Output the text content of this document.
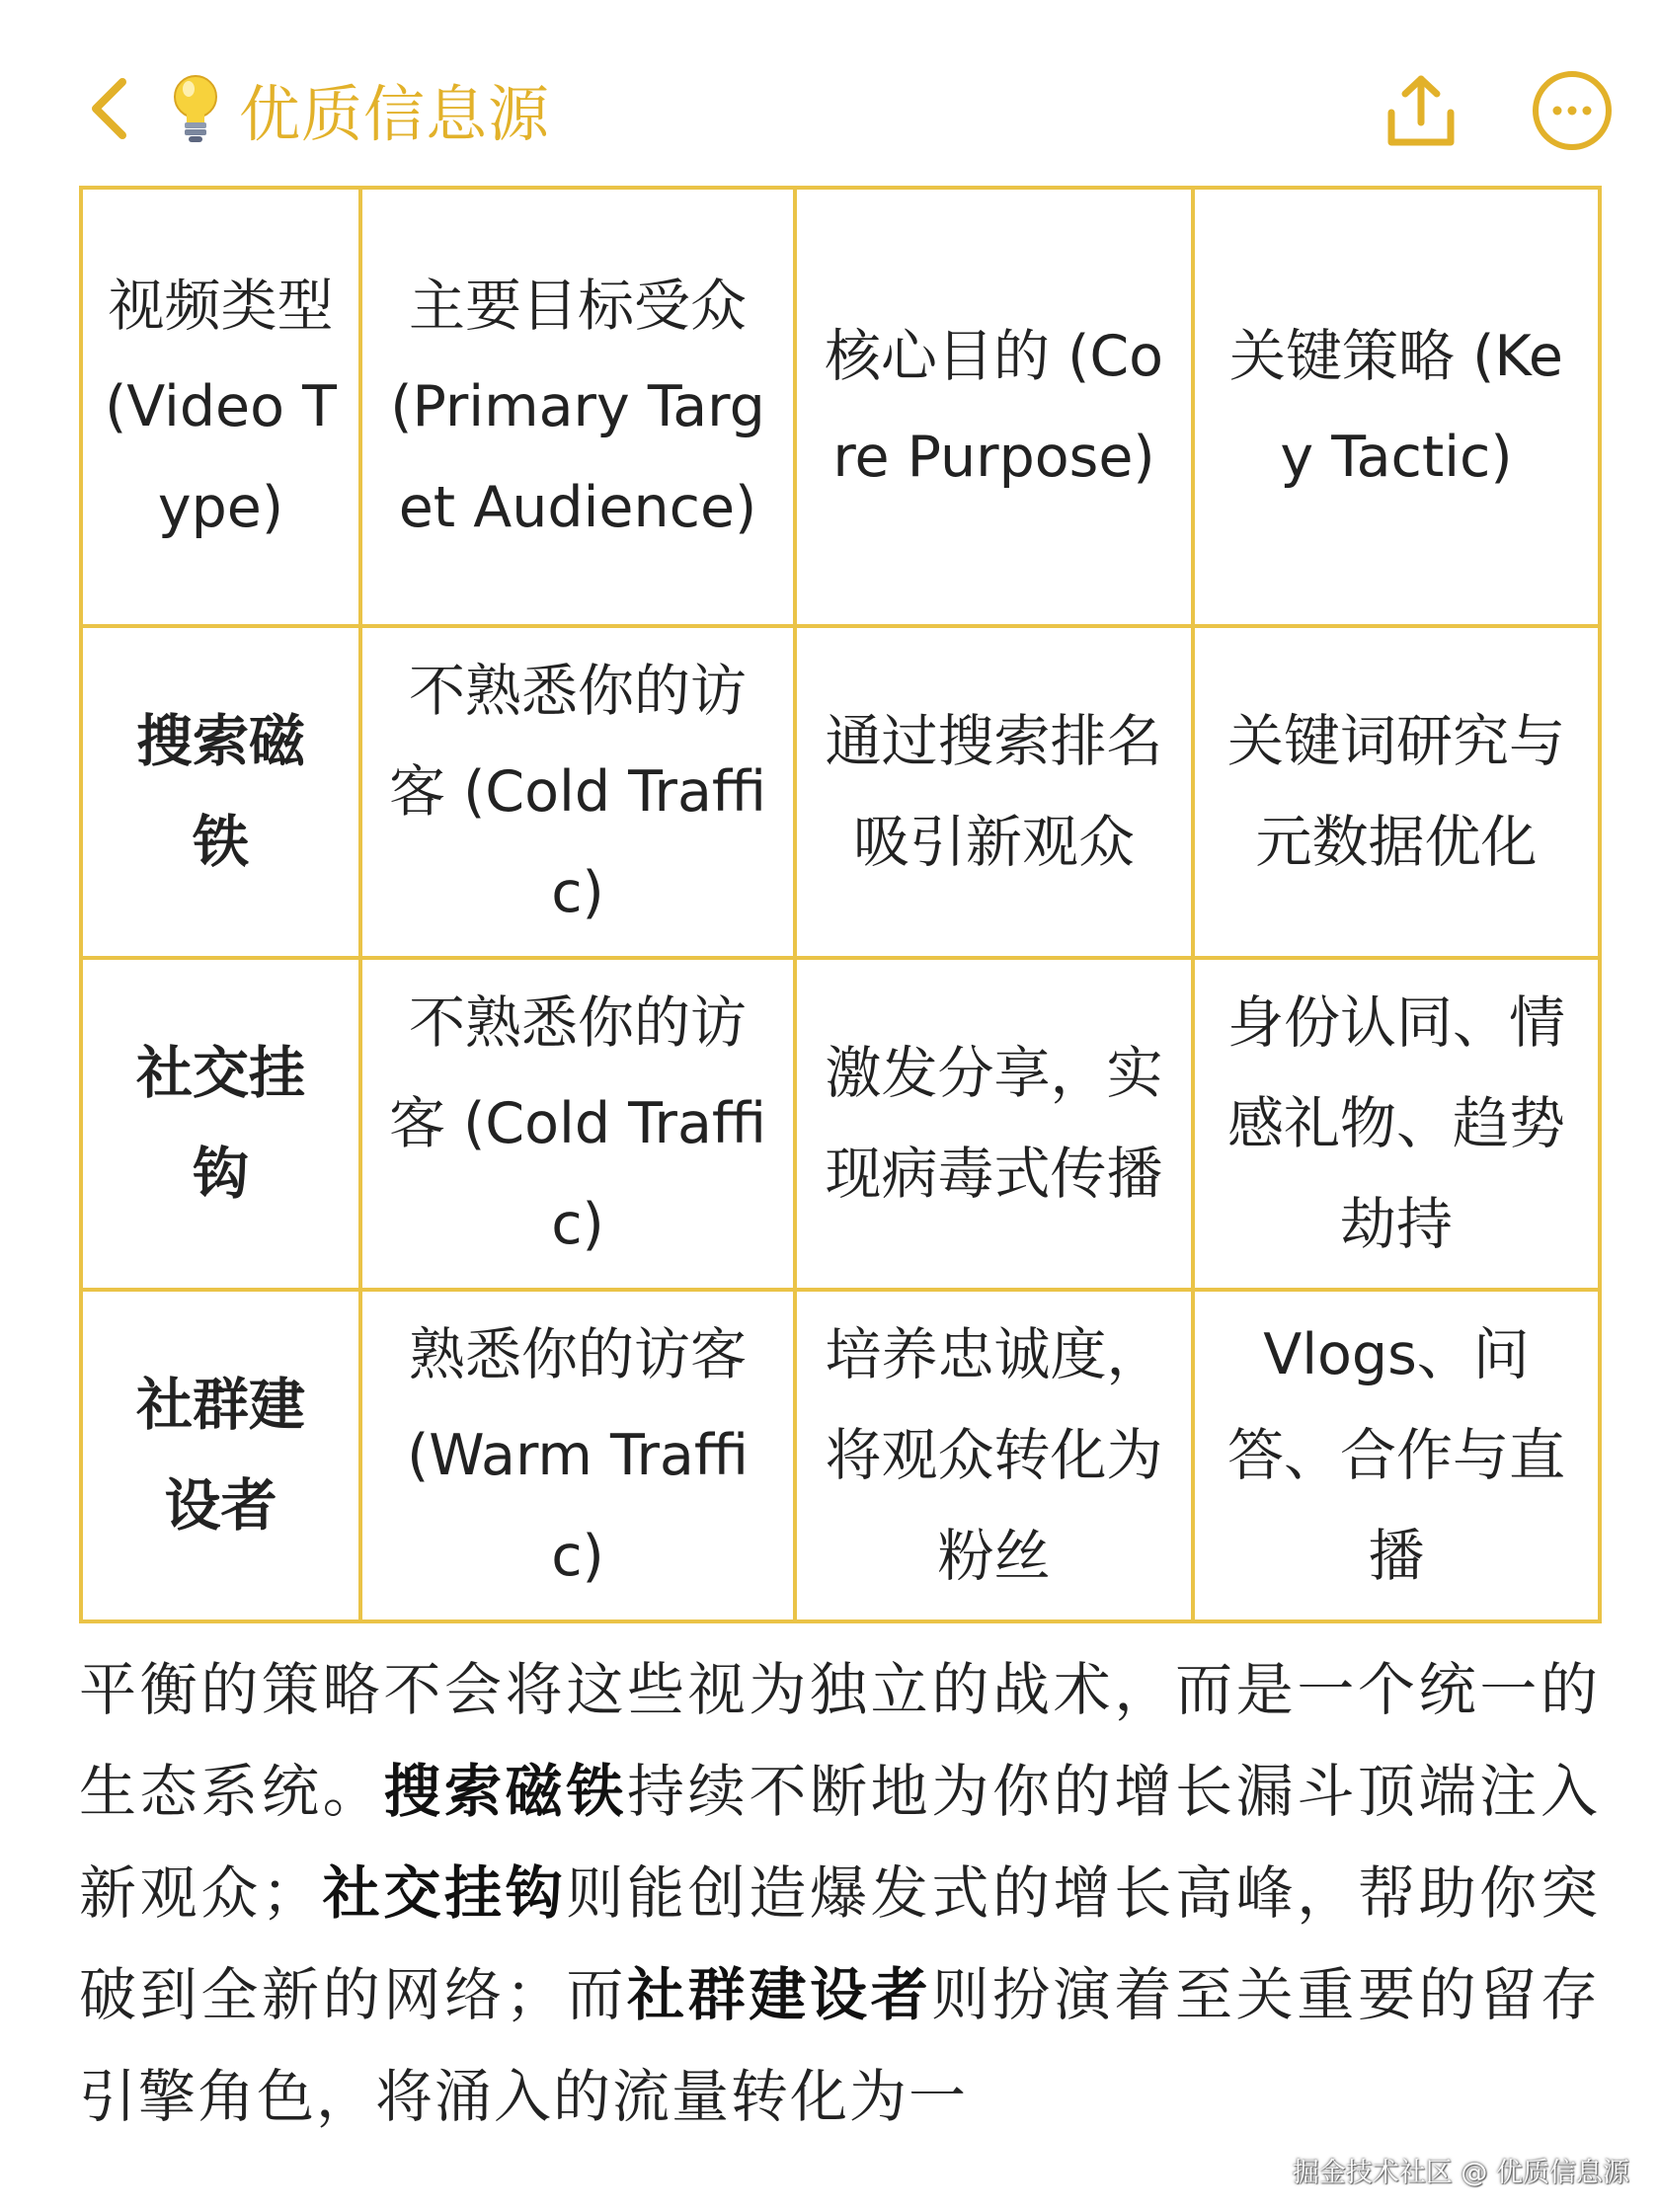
优质信息源
视频类型 (Video Type)	主要目标受众 (Primary Target Audience)	核心目的 (Core Purpose)	关键策略 (Key Tactic)
搜索磁铁	不熟悉你的访客 (Cold Traffic)	通过搜索排名吸引新观众	关键词研究与元数据优化
社交挂钩	不熟悉你的访客 (Cold Traffic)	激发分享，实现病毒式传播	身份认同、情感礼物、趋势劫持
社群建设者	熟悉你的访客 (Warm Traffic)	培养忠诚度，将观众转化为粉丝	Vlogs、问答、合作与直播
平衡的策略不会将这些视为独立的战术，而是一个统一的生态系统。搜索磁铁持续不断地为你的增长漏斗顶端注入新观众；社交挂钩则能创造爆发式的增长高峰，帮助你突破到全新的网络；而社群建设者则扮演着至关重要的留存引擎角色，将涌入的流量转化为一
掘金技术社区 @ 优质信息源
